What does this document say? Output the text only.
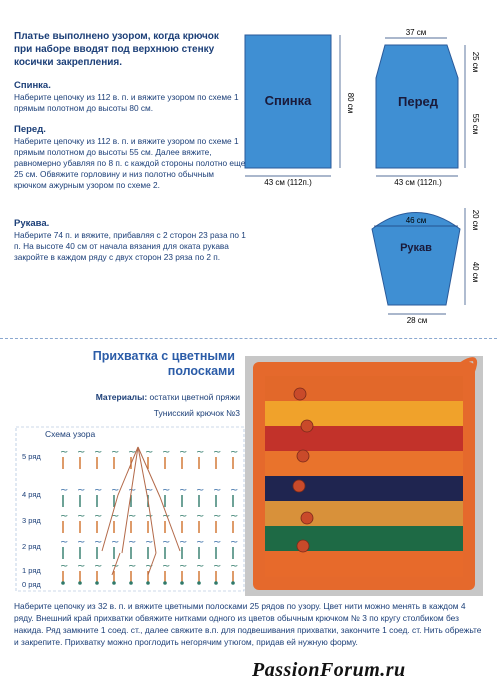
Платье выполнено узором, когда крючок при наборе вводят под верхнюю стенку косички закрепления.
Спинка.
Наберите цепочку из 112 в. п. и вяжите узором по схеме 1 прямым полотном до высоты 80 см.
Перед.
Наберите цепочку из 112 в. п. и вяжите узором по схеме 1 прямым полотном до высоты 55 см. Далее вяжите, равномерно убавляя по 8 п. с каждой стороны полотно еще 25 см. Обвяжите горловину и низ полотно обычным крючком ажурным узором по схеме 2.
Рукава.
Наберите 74 п. и вяжите, прибавляя с 2 сторон 23 раза по 1 п. На высоте 40 см от начала вязания для оката рукава закройте в каждом ряду с двух сторон 23 ряза по 2 п.
Спинка	80 см
43 см (112п.)
Перед
37 см
25 см
55 см
43 см (112п.)
Рукав
46 см	20 см
40 см
28 см
Прихватка с цветными полосками
Материалы: остатки цветной пряжи
Тунисский крючок №3
Схема узора
5 ряд
4 ряд
3 ряд
2 ряд
1 ряд
0 ряд
~ ~ ~ ~ ~ ~ ~ ~ ~ ~ ~
~ ~ ~ ~ ~ ~ ~ ~ ~ ~ ~
~ ~ ~ ~ ~ ~ ~ ~ ~ ~ ~
~ ~ ~ ~ ~ ~ ~ ~ ~ ~ ~
~ ~ ~ ~ ~ ~ ~ ~ ~ ~ ~
Наберите цепочку из 32 в. п. и вяжите цветными полосками 25 рядов по узору. Цвет нити можно менять в каждом 4 ряду. Внешний край прихватки обвяжите нитками одного из цветов обычным крючком № 3 по кругу столбиком без накида. Ряд замкните 1 соед. ст., далее свяжите в.п. для подвешивания прихватки, закончите 1 соед. ст. Нить обрежьте и закрепите. Прихватку можно проглодить негорячим утюгом, придав ей нужную форму.
PassionForum.ru
